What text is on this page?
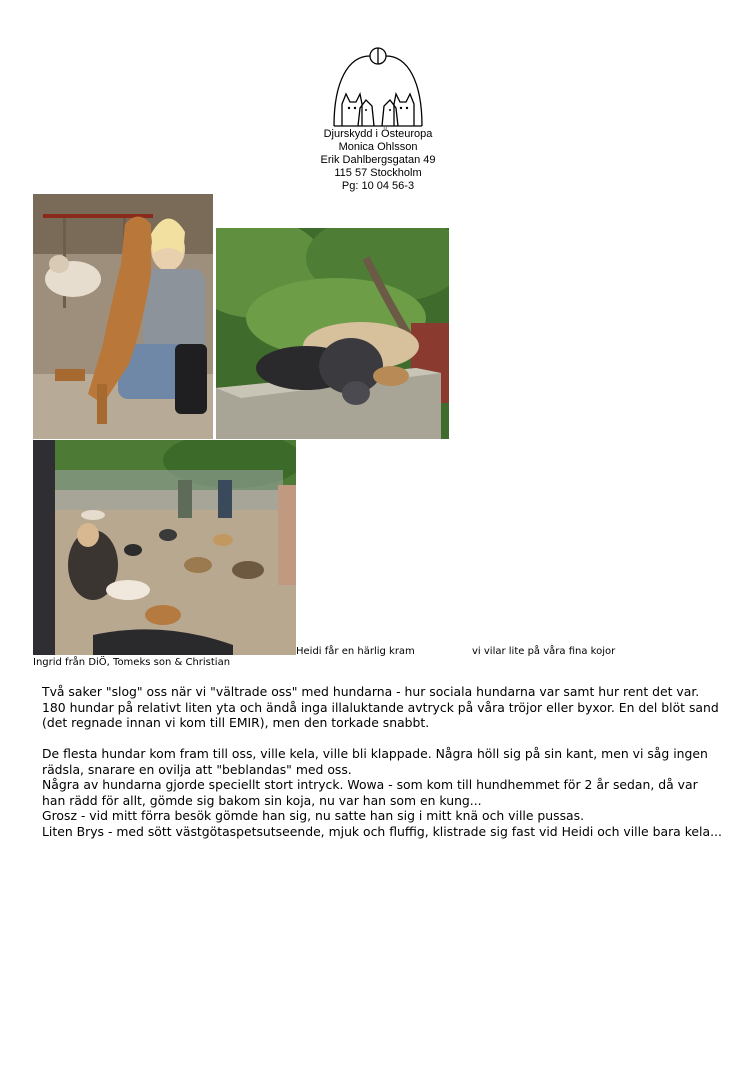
Djurskydd i Östeuropa
Monica Ohlsson
Erik Dahlbergsgatan 49
115 57 Stockholm
Pg: 10 04 56-3
Heidi får en härlig kram	vi vilar lite på våra fina kojor
Ingrid från DiÖ, Tomeks son & Christian

Två saker "slog" oss när vi "vältrade oss" med hundarna - hur sociala hundarna var samt hur rent det var. 180 hundar på relativt liten yta och ändå inga illaluktande avtryck på våra tröjor eller byxor. En del blöt sand (det regnade innan vi kom till EMIR), men den torkade snabbt.

De flesta hundar kom fram till oss, ville kela, ville bli klappade. Några höll sig på sin kant, men vi såg ingen rädsla, snarare en ovilja att "beblandas" med oss.

Några av hundarna gjorde speciellt stort intryck. Wowa - som kom till hundhemmet för 2 år sedan, då var han rädd för allt, gömde sig bakom sin koja, nu var han som en kung...

Grosz - vid mitt förra besök gömde han sig, nu satte han sig i mitt knä och ville pussas.

Liten Brys - med sött västgötaspetsutseende, mjuk och fluffig, klistrade sig fast vid Heidi och ville bara kela...
